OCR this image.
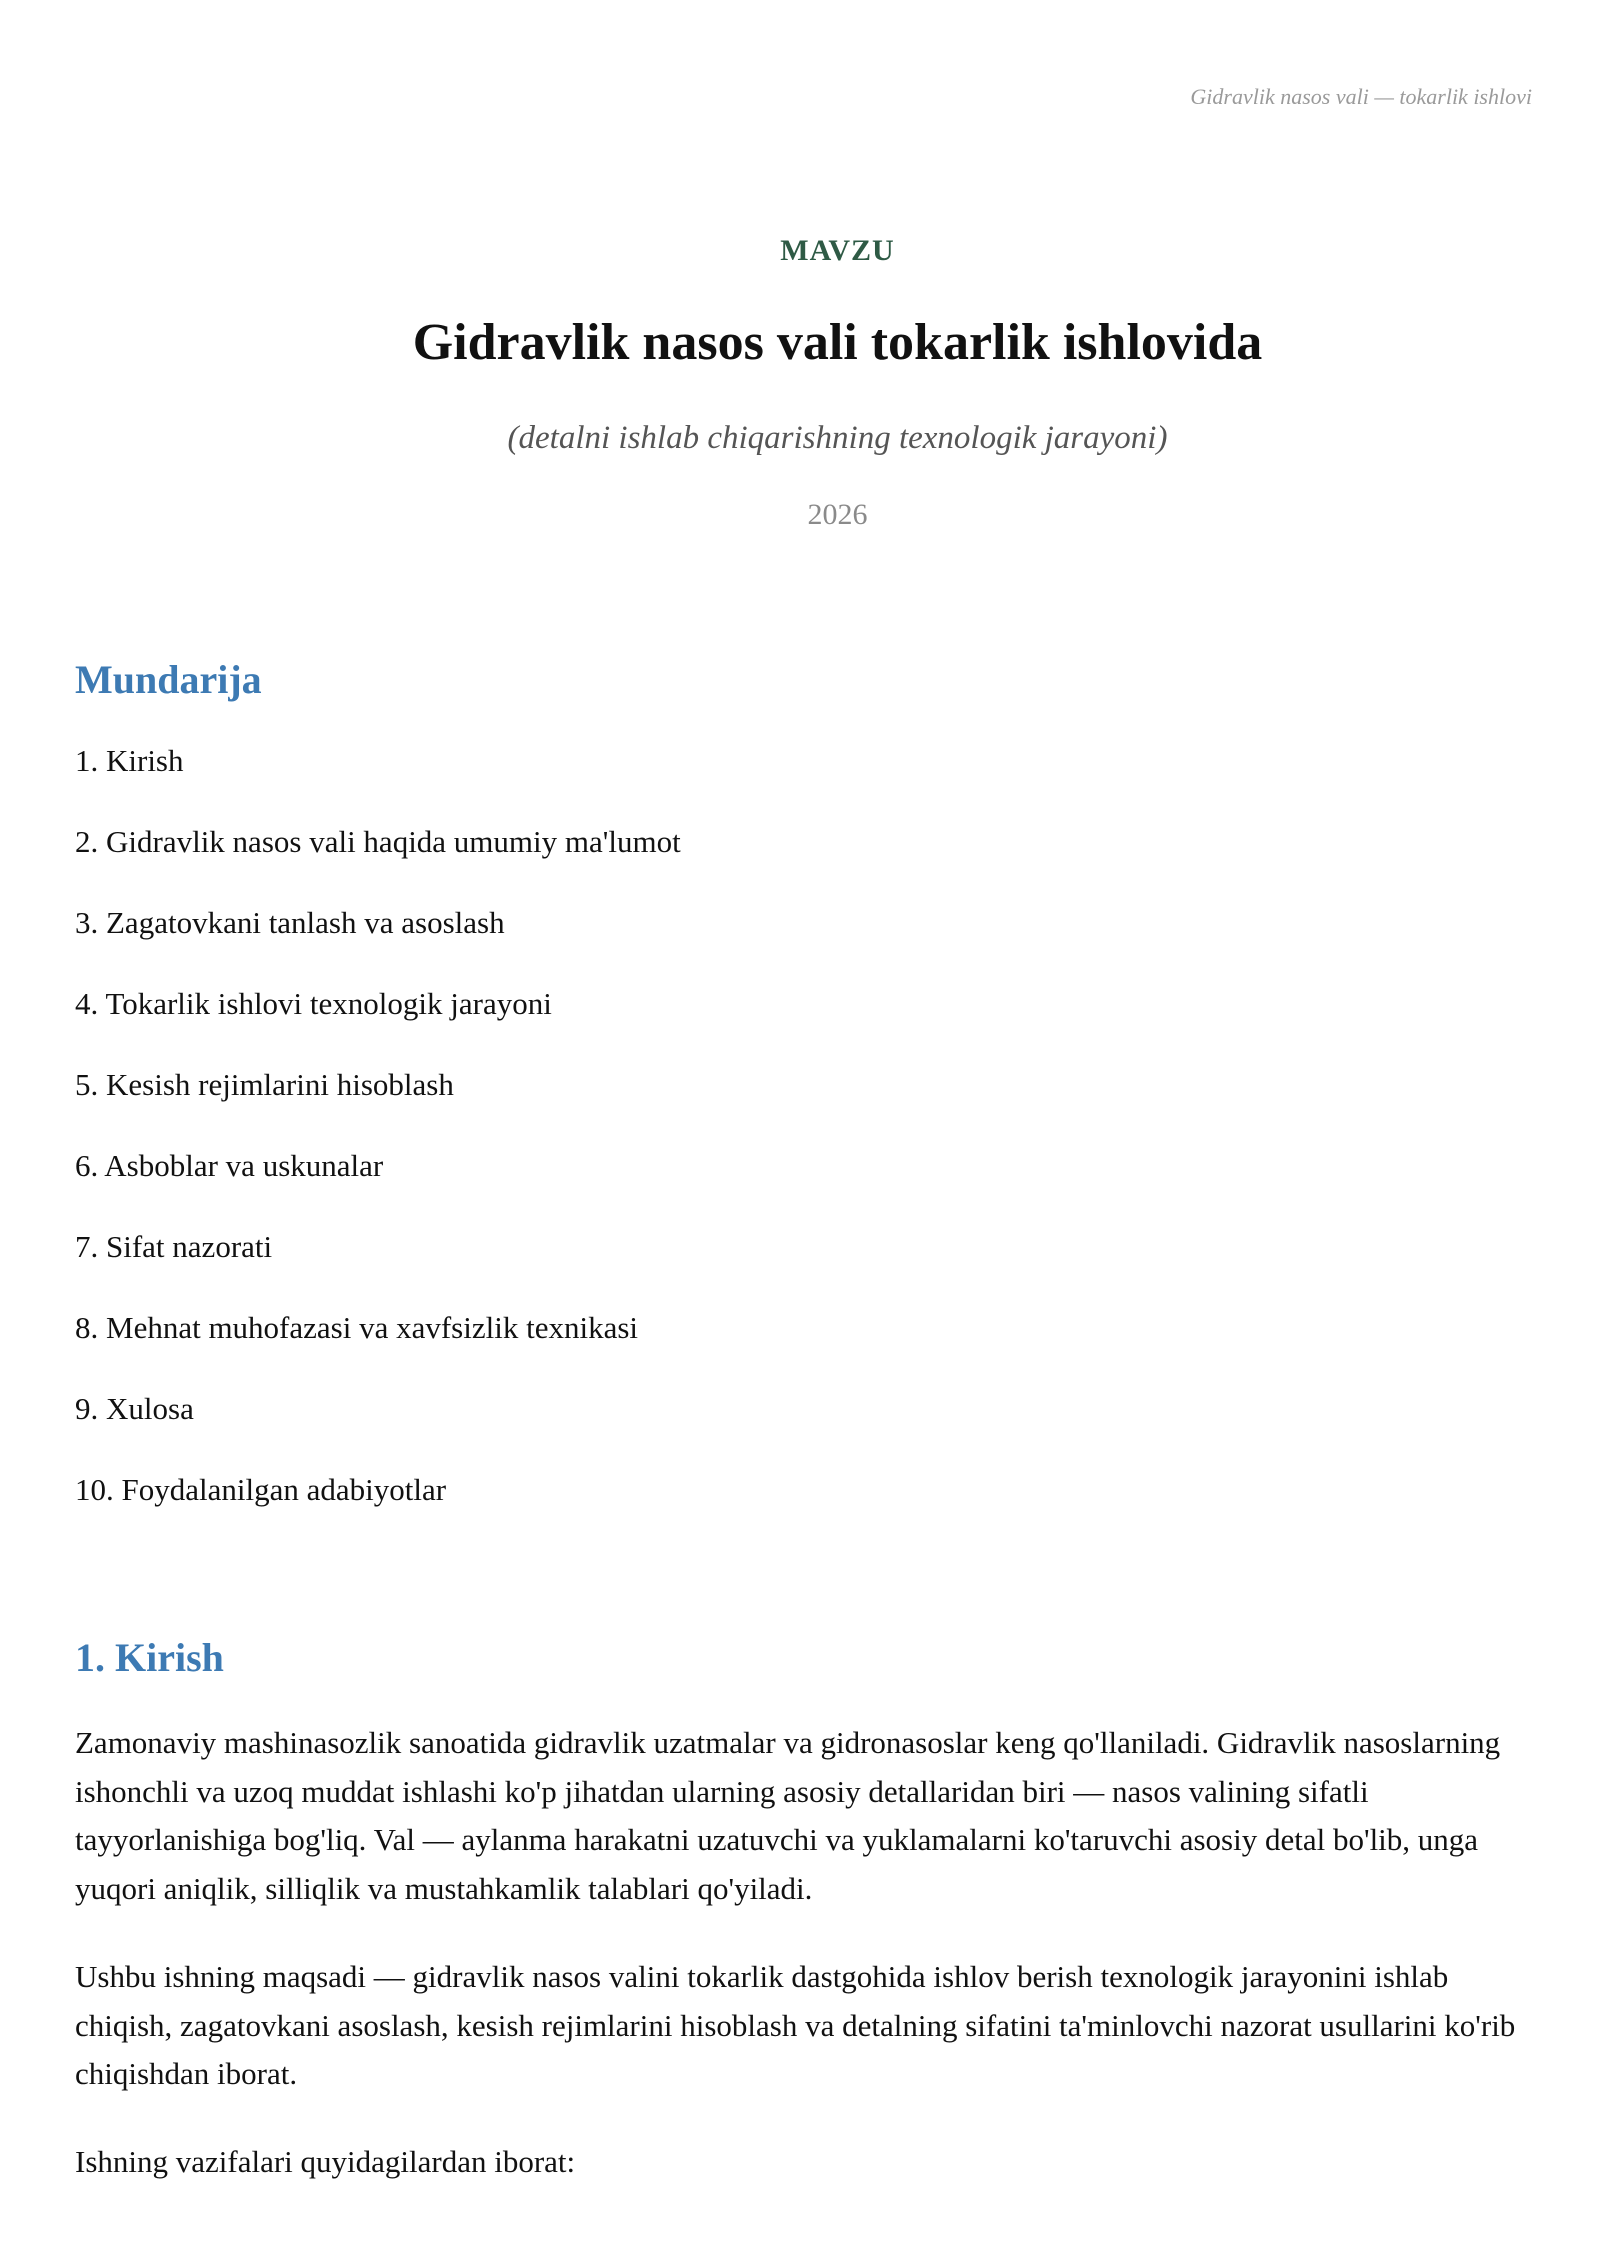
Gidravlik nasos vali — tokarlik ishlovi
MAVZU
Gidravlik nasos vali tokarlik ishlovida
(detalni ishlab chiqarishning texnologik jarayoni)
2026
Mundarija
1. Kirish
2. Gidravlik nasos vali haqida umumiy ma'lumot
3. Zagatovkani tanlash va asoslash
4. Tokarlik ishlovi texnologik jarayoni
5. Kesish rejimlarini hisoblash
6. Asboblar va uskunalar
7. Sifat nazorati
8. Mehnat muhofazasi va xavfsizlik texnikasi
9. Xulosa
10. Foydalanilgan adabiyotlar
1. Kirish

Zamonaviy mashinasozlik sanoatida gidravlik uzatmalar va gidronasoslar keng qo'llaniladi. Gidravlik nasoslarning ishonchli va uzoq muddat ishlashi ko'p jihatdan ularning asosiy detallaridan biri — nasos valining sifatli tayyorlanishiga bog'liq. Val — aylanma harakatni uzatuvchi va yuklamalarni ko'taruvchi asosiy detal bo'lib, unga yuqori aniqlik, silliqlik va mustahkamlik talablari qo'yiladi.

Ushbu ishning maqsadi — gidravlik nasos valini tokarlik dastgohida ishlov berish texnologik jarayonini ishlab chiqish, zagatovkani asoslash, kesish rejimlarini hisoblash va detalning sifatini ta'minlovchi nazorat usullarini ko'rib chiqishdan iborat.

Ishning vazifalari quyidagilardan iborat:
